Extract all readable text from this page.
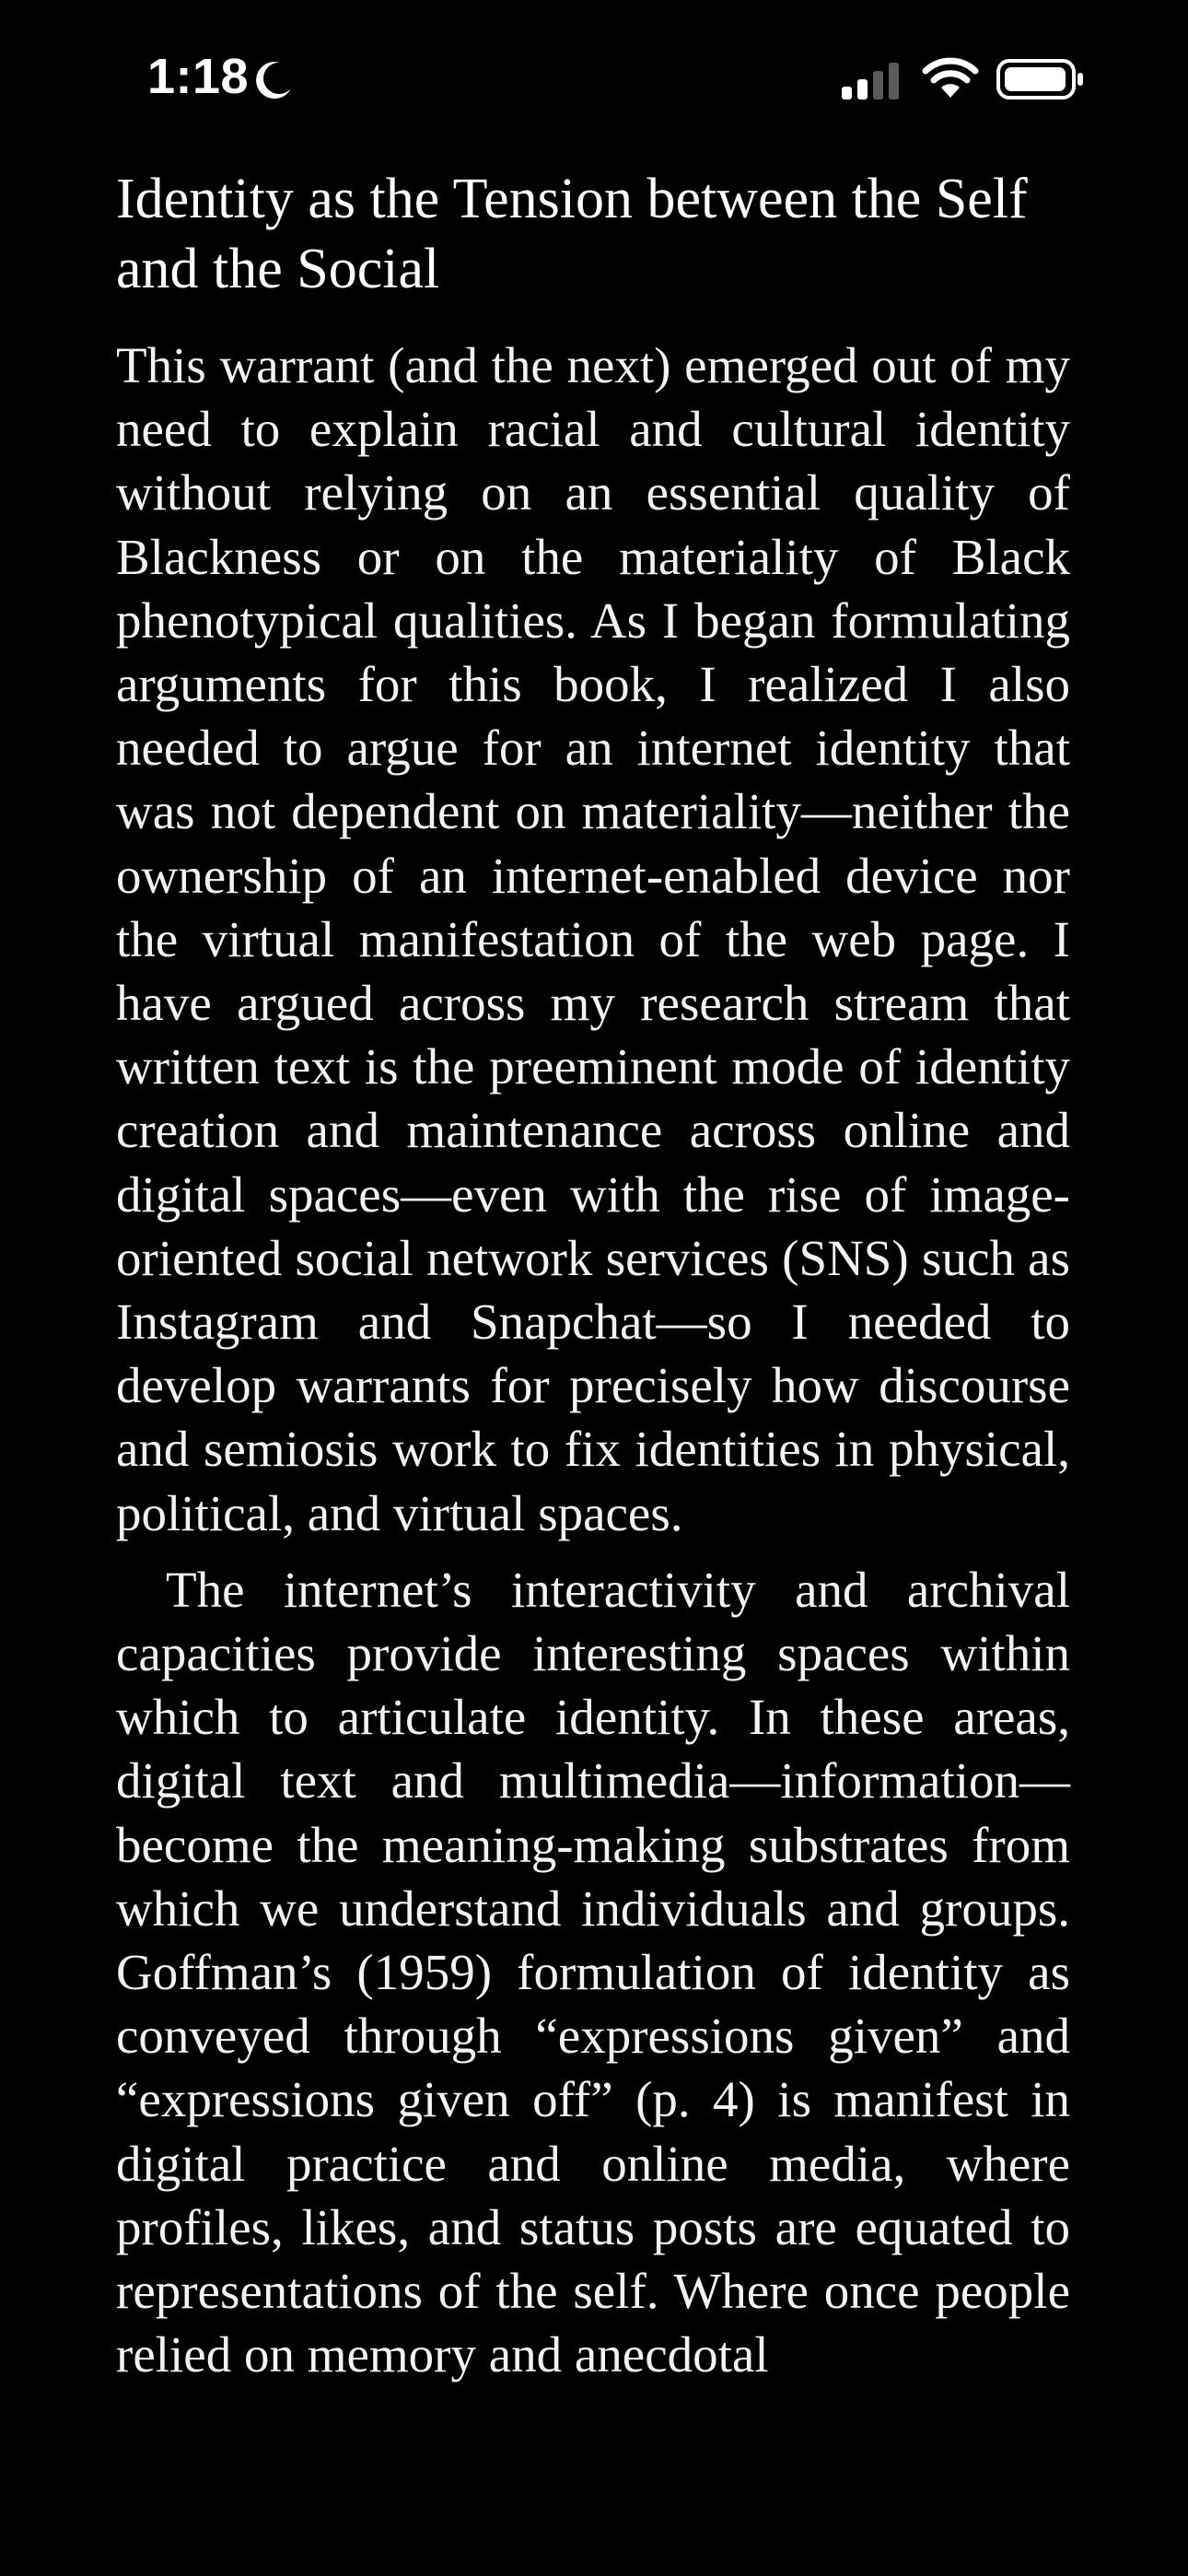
1:18
Identity as the Tension between the Self and the Social

This warrant (and the next) emerged out of my need to explain racial and cultural identity without relying on an essential quality of Blackness or on the materiality of Black phenotypical qualities. As I began formulating arguments for this book, I realized I also needed to argue for an internet identity that was not dependent on materiality—neither the ownership of an internet-enabled device nor the virtual manifestation of the web page. I have argued across my research stream that written text is the preeminent mode of identity creation and maintenance across online and digital spaces—even with the rise of image-oriented social network services (SNS) such as Instagram and Snapchat—so I needed to develop warrants for precisely how discourse and semiosis work to fix identities in physical, political, and virtual spaces.

The internet’s interactivity and archival capacities provide interesting spaces within which to articulate identity. In these areas, digital text and multimedia—information—become the meaning-making substrates from which we understand individuals and groups. Goffman’s (1959) formulation of identity as conveyed through “expressions given” and “expressions given off” (p. 4) is manifest in digital practice and online media, where profiles, likes, and status posts are equated to representations of the self. Where once people relied on memory and anecdotal
